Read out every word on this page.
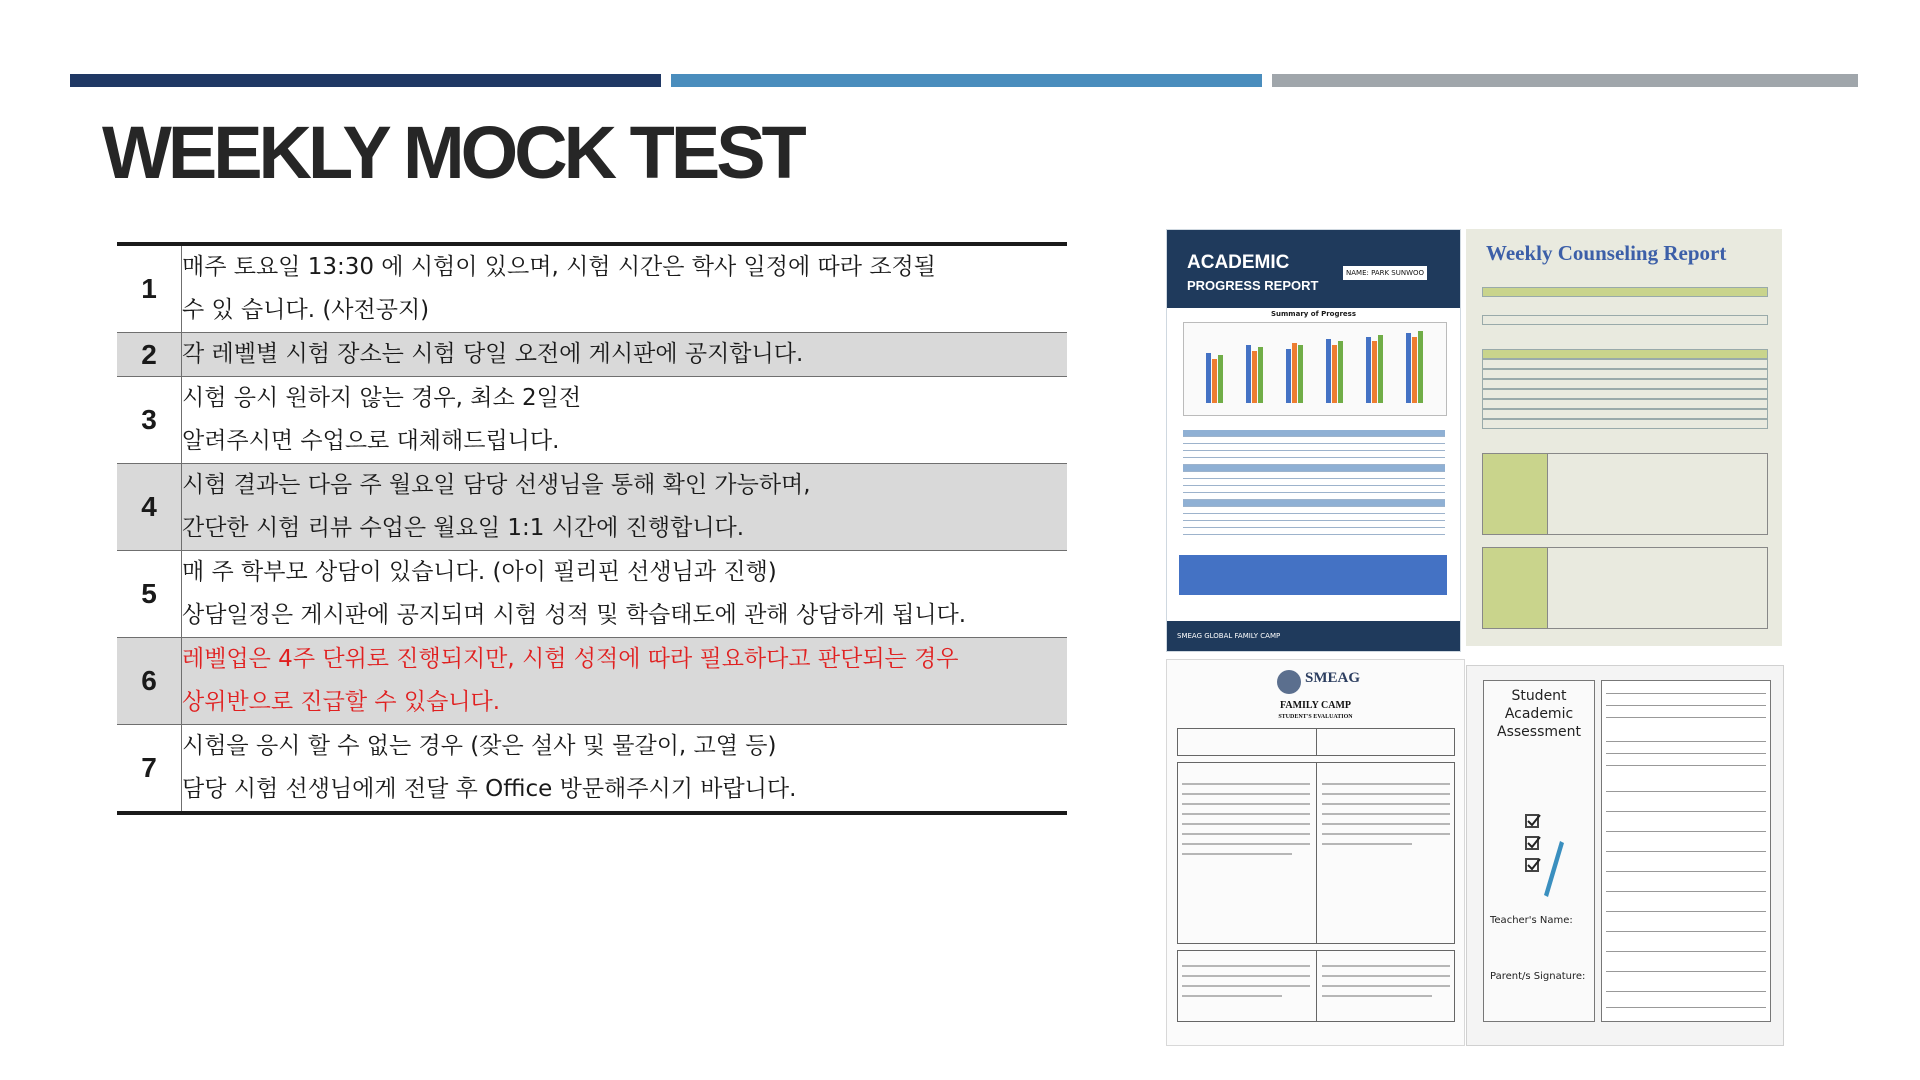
WEEKLY MOCK TEST
1	매주 토요일 13:30 에 시험이 있으며, 시험 시간은 학사 일정에 따라 조정될
수 있 습니다. (사전공지)

2	각 레벨별 시험 장소는 시험 당일 오전에 게시판에 공지합니다.

3	시험 응시 원하지 않는 경우, 최소 2일전
알려주시면 수업으로 대체해드립니다.

4	시험 결과는 다음 주 월요일 담당 선생님을 통해 확인 가능하며,
간단한 시험 리뷰 수업은 월요일 1:1 시간에 진행합니다.

5	매 주 학부모 상담이 있습니다. (아이 필리핀 선생님과 진행)
상담일정은 게시판에 공지되며 시험 성적 및 학습태도에 관해 상담하게 됩니다.

6	레벨업은 4주 단위로 진행되지만, 시험 성적에 따라 필요하다고 판단되는 경우
상위반으로 진급할 수 있습니다.

7	시험을 응시 할 수 없는 경우 (잦은 설사 및 물갈이, 고열 등)
담당 시험 선생님에게 전달 후 Office 방문해주시기 바랍니다.
ACADEMIC
PROGRESS REPORT
NAME: PARK SUNWOO
Summary of Progress
SMEAG GLOBAL FAMILY CAMP
Weekly Counseling Report
SMEAG
FAMILY CAMP
STUDENT'S EVALUATION
Student Academic Assessment
Teacher's Name:
Parent/s Signature:
